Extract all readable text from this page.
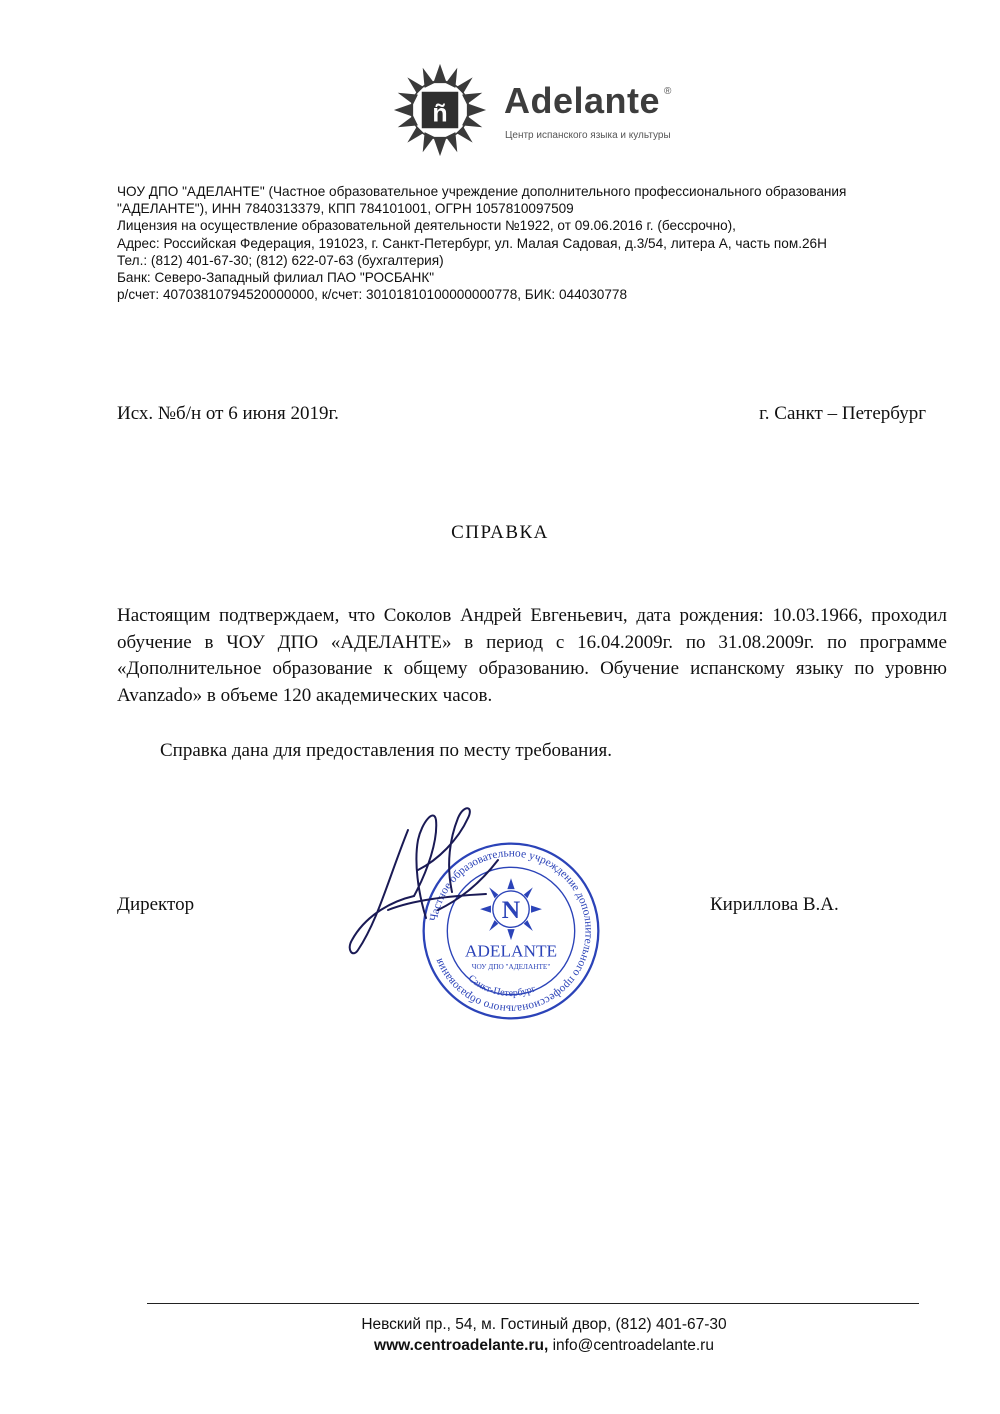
ñ Adelante ®
Центр испанского языка и культуры
ЧОУ ДПО "АДЕЛАНТЕ" (Частное образовательное учреждение дополнительного профессионального образования
"АДЕЛАНТЕ"), ИНН 7840313379, КПП 784101001, ОГРН 1057810097509
Лицензия на осуществление образовательной деятельности №1922, от 09.06.2016 г. (бессрочно),
Адрес: Российская Федерация, 191023, г. Санкт-Петербург, ул. Малая Садовая, д.3/54, литера А, часть пом.26Н
Тел.: (812) 401-67-30; (812) 622-07-63 (бухгалтерия)
Банк: Северо-Западный филиал ПАО "РОСБАНК"
р/счет: 40703810794520000000, к/счет: 30101810100000000778, БИК: 044030778
Исх. №б/н от 6 июня 2019г.	г. Санкт – Петербург
СПРАВКА

Настоящим подтверждаем, что Соколов Андрей Евгеньевич, дата рождения: 10.03.1966, проходил обучение в ЧОУ ДПО «АДЕЛАНТЕ» в период с 16.04.2009г. по 31.08.2009г. по программе «Дополнительное образование к общему образованию. Обучение испанскому языку по уровню Avanzado» в объеме 120 академических часов.

Справка дана для предоставления по месту требования.
Директор	Кириллова В.А.
Частное образовательное учреждение дополнительного профессионального образования
N
ADELANTE
ЧОУ ДПО "АДЕЛАНТЕ"
Санкт-Петербург
Невский пр., 54, м. Гостиный двор, (812) 401-67-30
www.centroadelante.ru, info@centroadelante.ru
